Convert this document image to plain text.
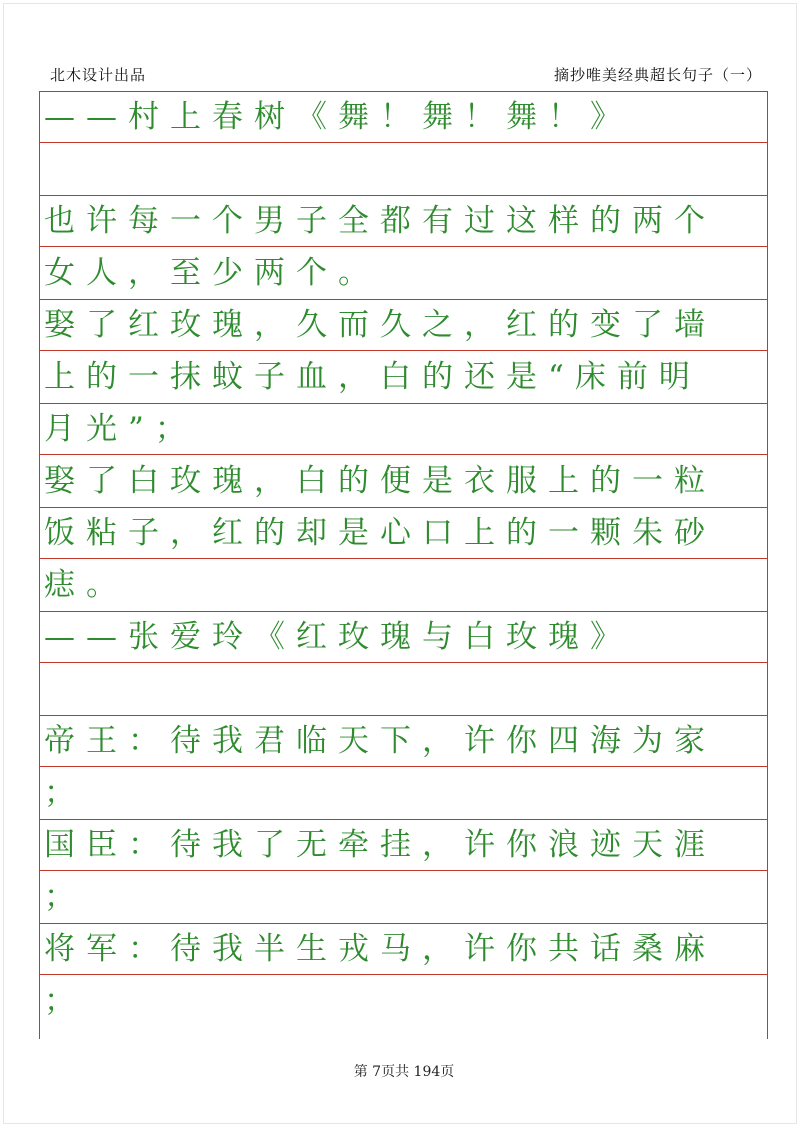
北木设计出品	摘抄唯美经典超长句子（一）
——村上春树《舞！舞！舞！》
也许每一个男子全都有过这样的两个
女人，至少两个。
娶了红玫瑰，久而久之，红的变了墙
上的一抹蚊子血，白的还是“床前明
月光”；
娶了白玫瑰，白的便是衣服上的一粒
饭粘子，红的却是心口上的一颗朱砂
痣。
——张爱玲《红玫瑰与白玫瑰》
帝王：待我君临天下，许你四海为家
；
国臣：待我了无牵挂，许你浪迹天涯
；
将军：待我半生戎马，许你共话桑麻
；
第 7页共 194页
